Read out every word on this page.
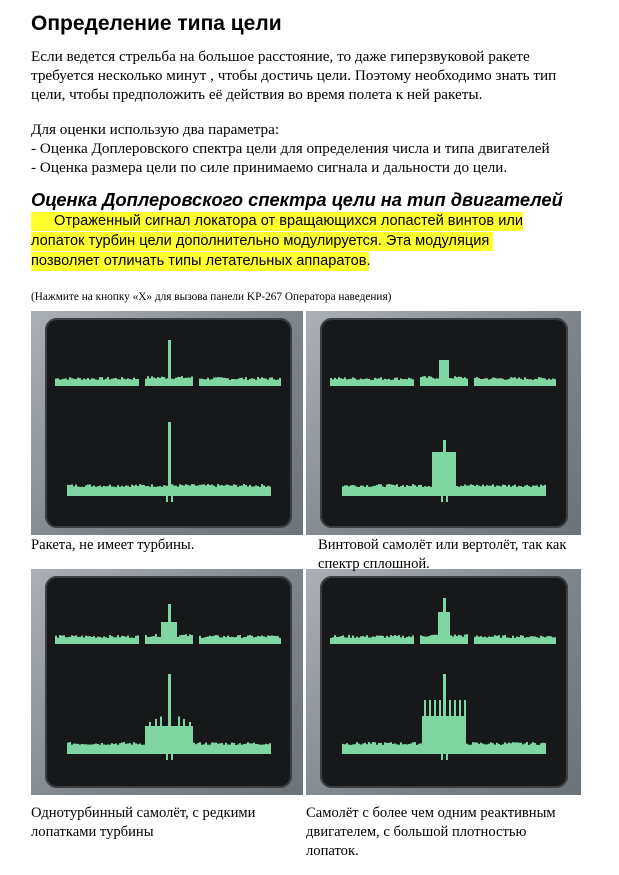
Определение типа цели
Если ведется стрельба на большое расстояние, то даже гиперзвуковой ракете
требуется несколько минут , чтобы достичь цели. Поэтому необходимо знать тип
цели, чтобы предположить её действия во время полета к ней ракеты.
Для оценки использую два параметра:
- Оценка Доплеровского спектра цели для определения числа и типа двигателей
- Оценка размера цели по силе принимаемо сигнала и дальности до цели.
Оценка Доплеровского спектра цели на тип двигателей
Отраженный сигнал локатора от вращающихся лопастей винтов или
лопаток турбин цели дополнительно модулируется. Эта модуляция
позволяет отличать типы летательных аппаратов.
(Нажмите на кнопку «X» для вызова панели KP-267 Оператора наведения)
Ракета, не имеет турбины.	Винтовой самолёт или вертолёт, так как
спектр сплошной.
Однотурбинный самолёт, с редкими
лопатками турбины
Самолёт с более чем одним реактивным
двигателем, с большой плотностью
лопаток.
